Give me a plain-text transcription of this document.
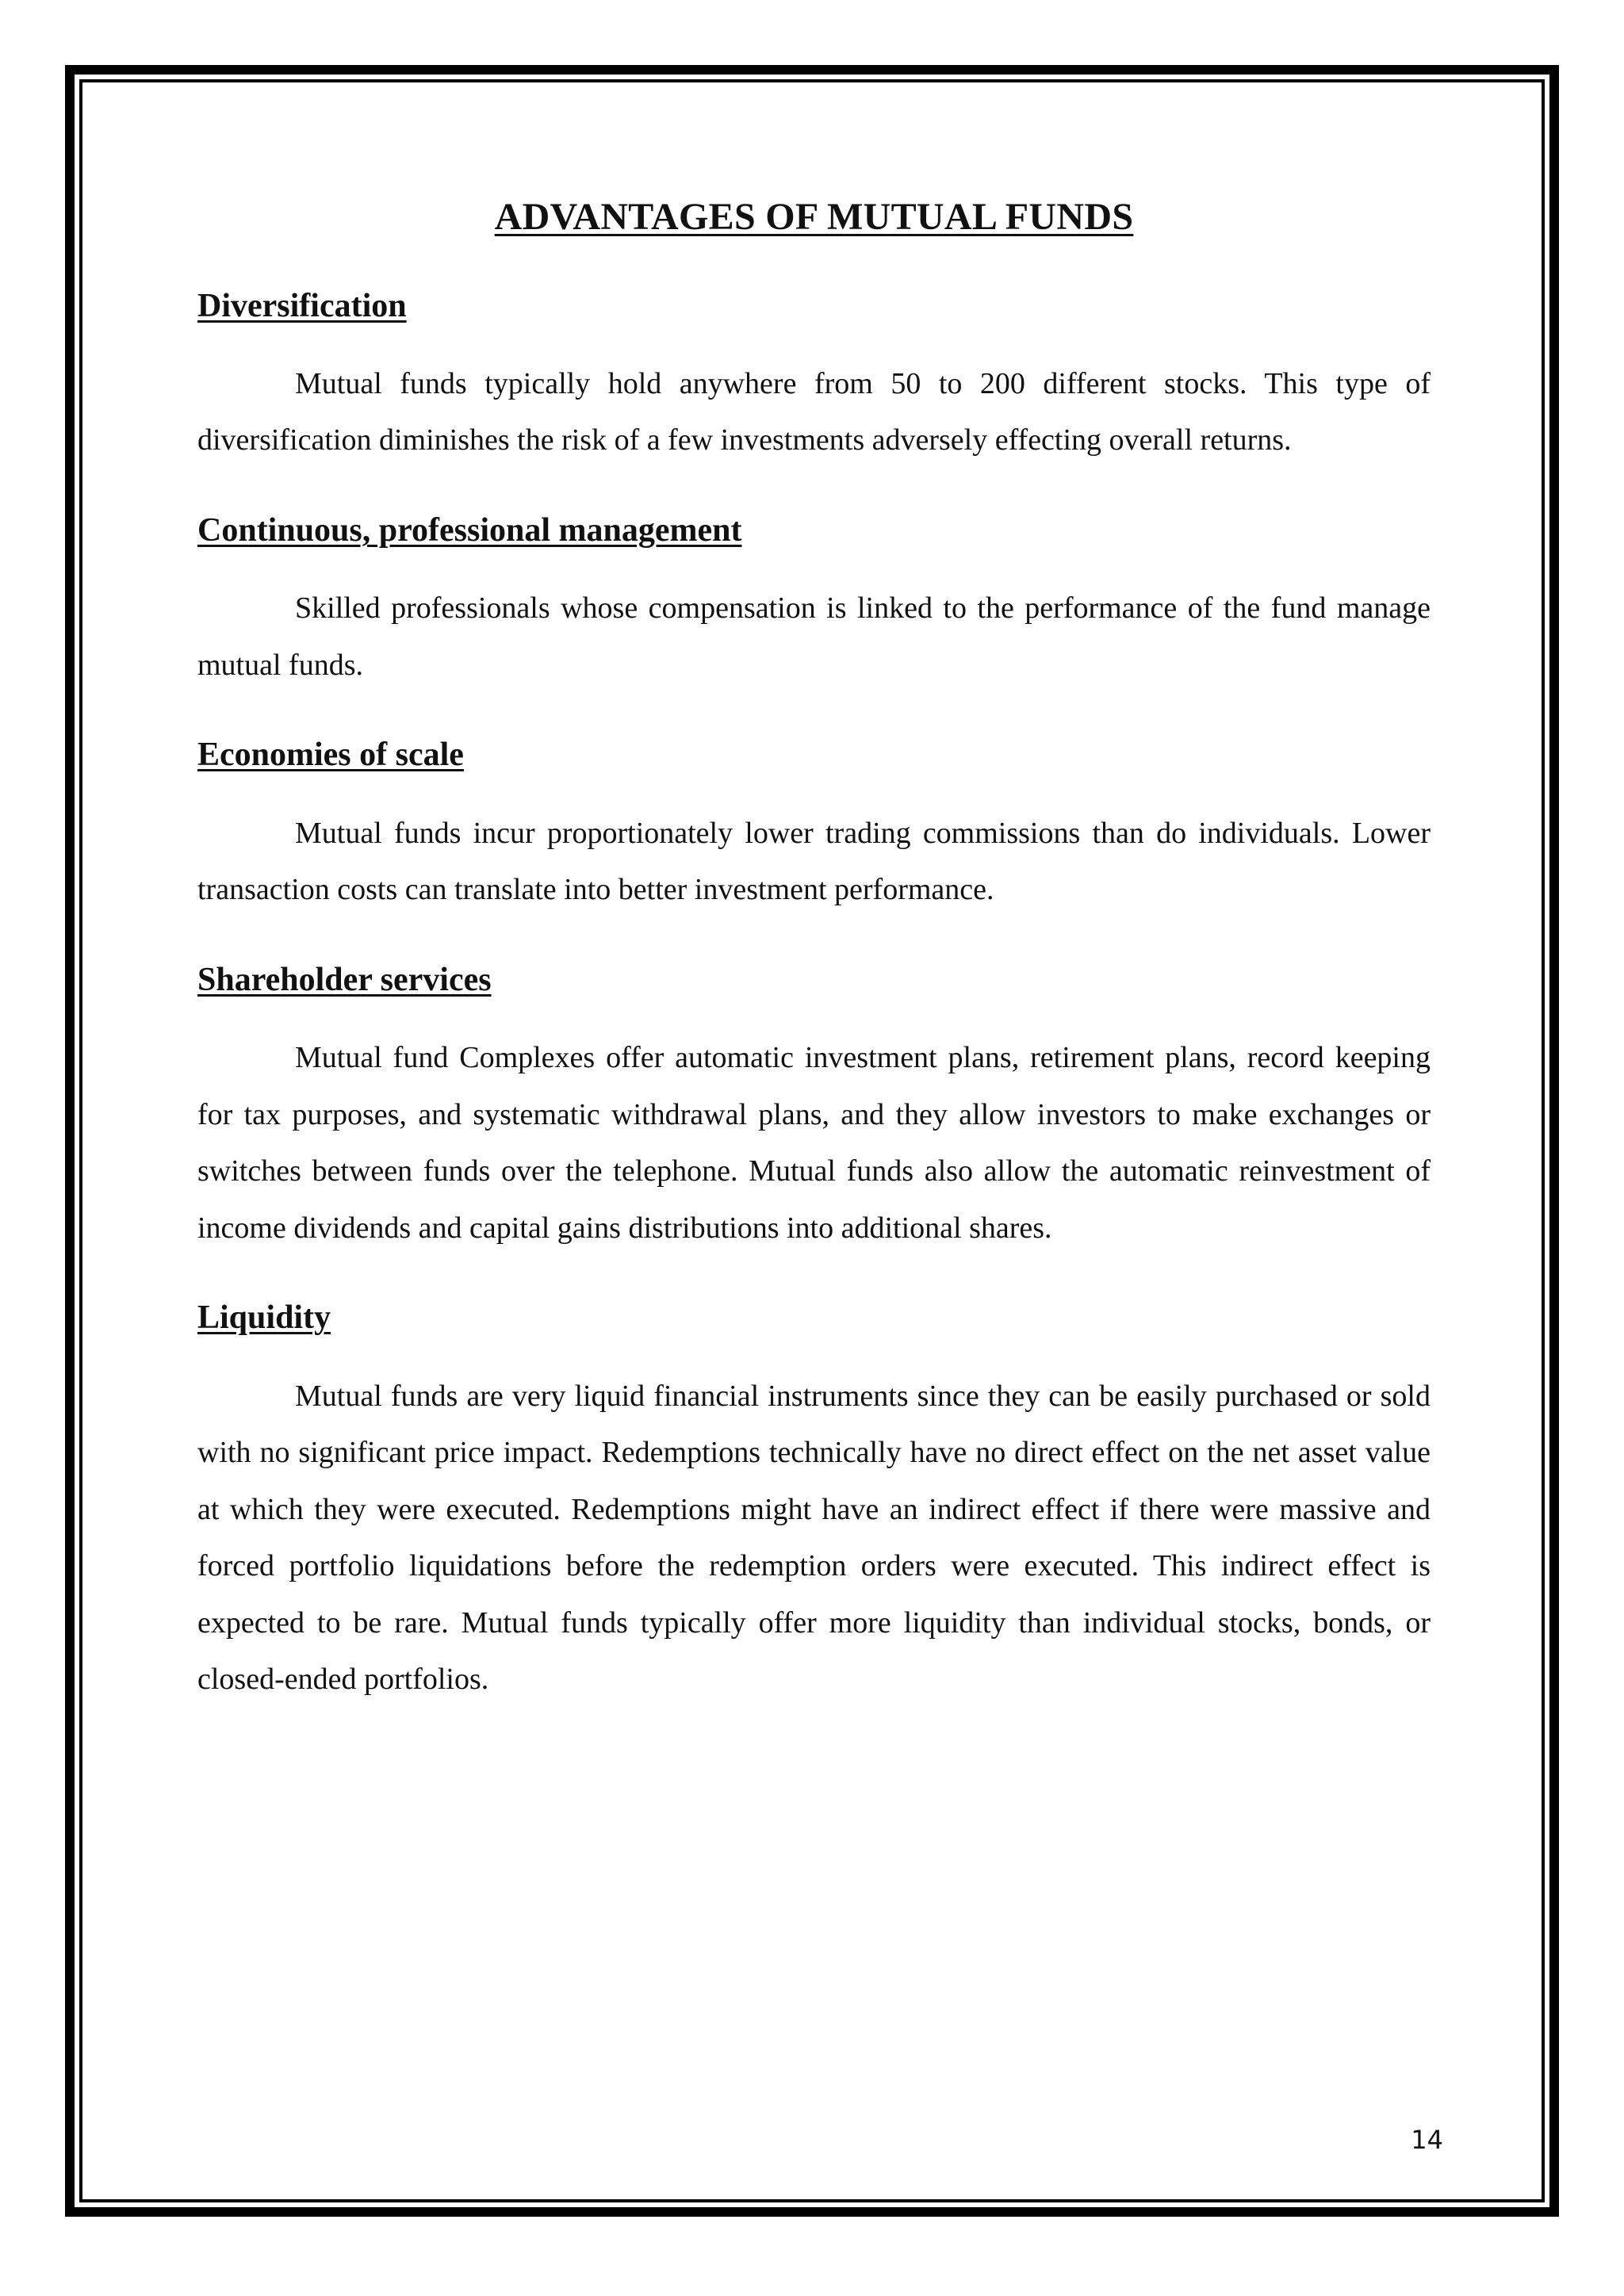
ADVANTAGES OF MUTUAL FUNDS
Diversification

Mutual funds typically hold anywhere from 50 to 200 different stocks. This type of diversification diminishes the risk of a few investments adversely effecting overall returns.

Continuous, professional management

Skilled professionals whose compensation is linked to the performance of the fund manage mutual funds.

Economies of scale

Mutual funds incur proportionately lower trading commissions than do individuals. Lower transaction costs can translate into better investment performance.

Shareholder services

Mutual fund Complexes offer automatic investment plans, retirement plans, record keeping for tax purposes, and systematic withdrawal plans, and they allow investors to make exchanges or switches between funds over the telephone. Mutual funds also allow the automatic reinvestment of income dividends and capital gains distributions into additional shares.

Liquidity

Mutual funds are very liquid financial instruments since they can be easily purchased or sold with no significant price impact. Redemptions technically have no direct effect on the net asset value at which they were executed. Redemptions might have an indirect effect if there were massive and forced portfolio liquidations before the redemption orders were executed. This indirect effect is expected to be rare. Mutual funds typically offer more liquidity than individual stocks, bonds, or closed-ended portfolios.

14
